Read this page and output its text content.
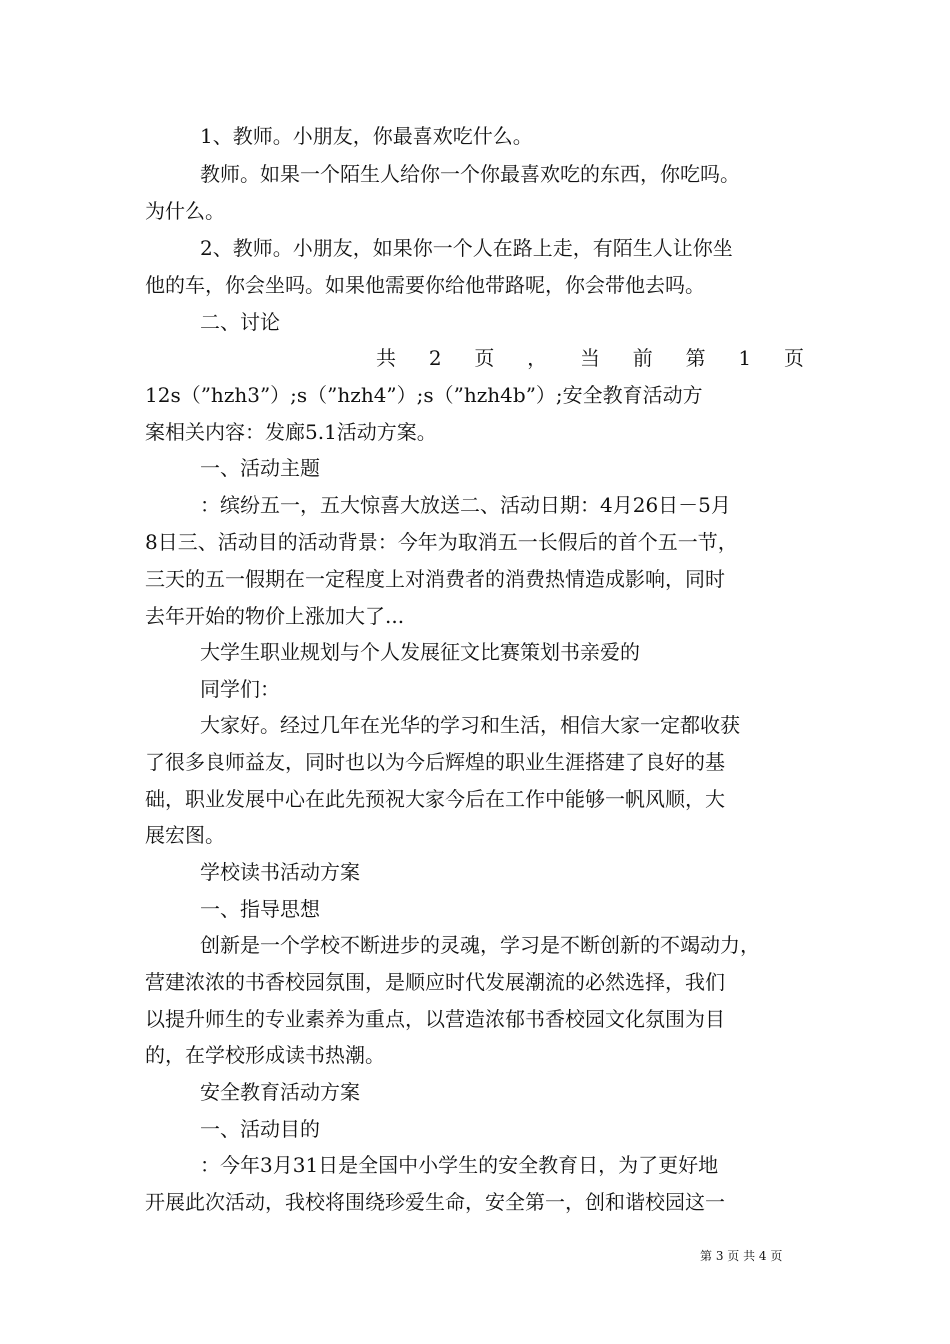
1、教师。小朋友，你最喜欢吃什么。
教师。如果一个陌生人给你一个你最喜欢吃的东西，你吃吗。
为什么。
2、教师。小朋友，如果你一个人在路上走，有陌生人让你坐
他的车，你会坐吗。如果他需要你给他带路呢，你会带他去吗。
二、讨论
共 2 页 ， 当 前 第 1 页
12s（”hzh3”）;s（”hzh4”）;s（”hzh4b”）;安全教育活动方
案相关内容：发廊5.1活动方案。
一、活动主题
：缤纷五一，五大惊喜大放送二、活动日期：4月26日－5月
8日三、活动目的活动背景：今年为取消五一长假后的首个五一节，
三天的五一假期在一定程度上对消费者的消费热情造成影响，同时
去年开始的物价上涨加大了...
大学生职业规划与个人发展征文比赛策划书亲爱的
同学们：
大家好。经过几年在光华的学习和生活，相信大家一定都收获
了很多良师益友，同时也以为今后辉煌的职业生涯搭建了良好的基
础，职业发展中心在此先预祝大家今后在工作中能够一帆风顺，大
展宏图。
学校读书活动方案
一、指导思想
创新是一个学校不断进步的灵魂，学习是不断创新的不竭动力，
营建浓浓的书香校园氛围，是顺应时代发展潮流的必然选择，我们
以提升师生的专业素养为重点，以营造浓郁书香校园文化氛围为目
的，在学校形成读书热潮。
安全教育活动方案
一、活动目的
：今年3月31日是全国中小学生的安全教育日，为了更好地
开展此次活动，我校将围绕珍爱生命，安全第一，创和谐校园这一
第 3 页 共 4 页
